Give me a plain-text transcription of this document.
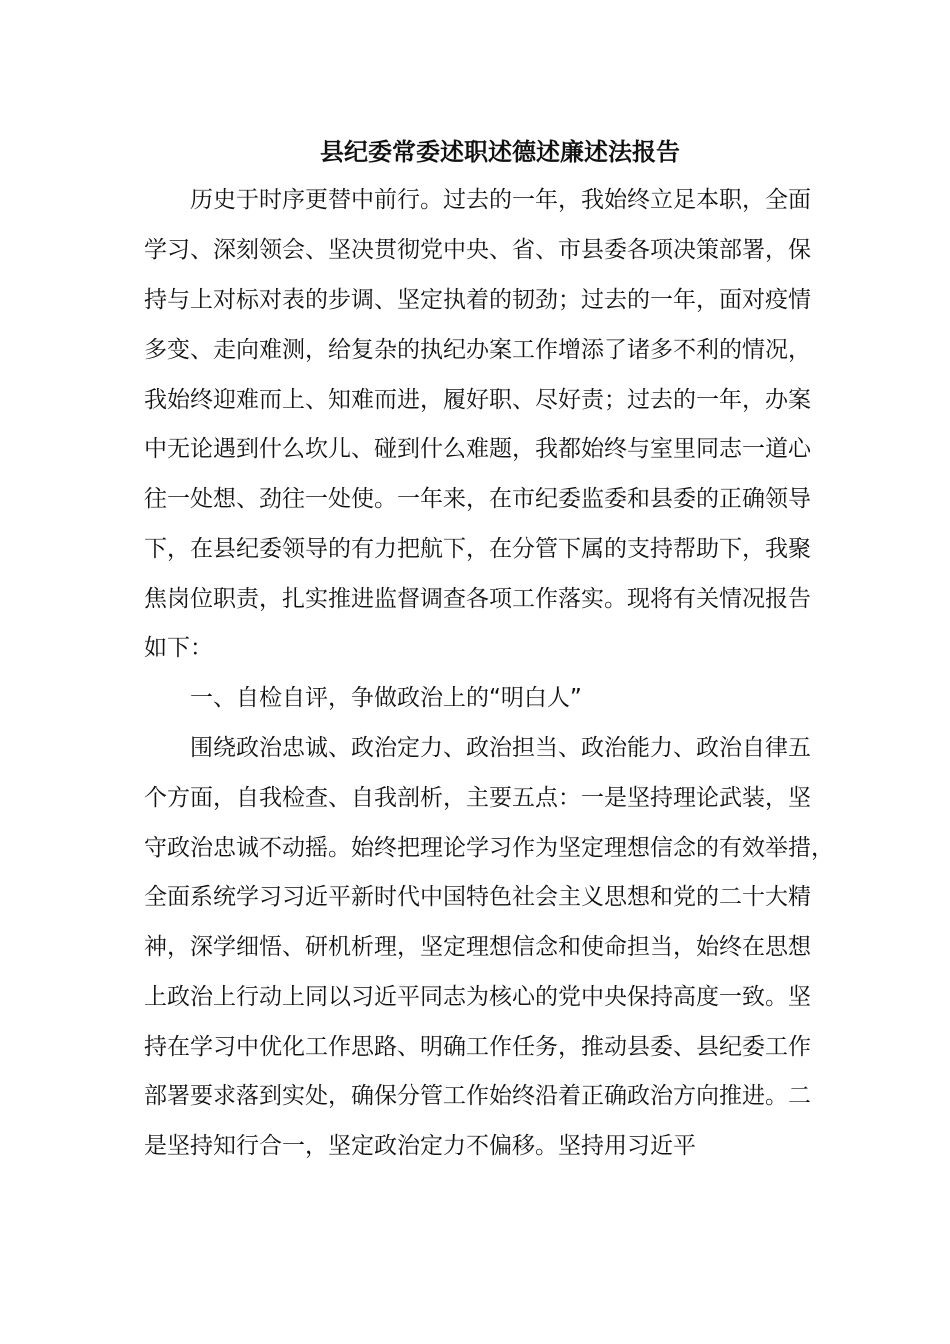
县纪委常委述职述德述廉述法报告

历史于时序更替中前行。过去的一年，我始终立足本职，全面

学习、深刻领会、坚决贯彻党中央、省、市县委各项决策部署，保

持与上对标对表的步调、坚定执着的韧劲；过去的一年，面对疫情

多变、走向难测，给复杂的执纪办案工作增添了诸多不利的情况，

我始终迎难而上、知难而进，履好职、尽好责；过去的一年，办案

中无论遇到什么坎儿、碰到什么难题，我都始终与室里同志一道心

往一处想、劲往一处使。一年来，在市纪委监委和县委的正确领导

下，在县纪委领导的有力把航下，在分管下属的支持帮助下，我聚

焦岗位职责，扎实推进监督调查各项工作落实。现将有关情况报告

如下：

一、自检自评，争做政治上的“明白人”

围绕政治忠诚、政治定力、政治担当、政治能力、政治自律五

个方面，自我检查、自我剖析，主要五点：一是坚持理论武装，坚

守政治忠诚不动摇。始终把理论学习作为坚定理想信念的有效举措，

全面系统学习习近平新时代中国特色社会主义思想和党的二十大精

神，深学细悟、研机析理，坚定理想信念和使命担当，始终在思想

上政治上行动上同以习近平同志为核心的党中央保持高度一致。坚

持在学习中优化工作思路、明确工作任务，推动县委、县纪委工作

部署要求落到实处，确保分管工作始终沿着正确政治方向推进。二

是坚持知行合一，坚定政治定力不偏移。坚持用习近平
